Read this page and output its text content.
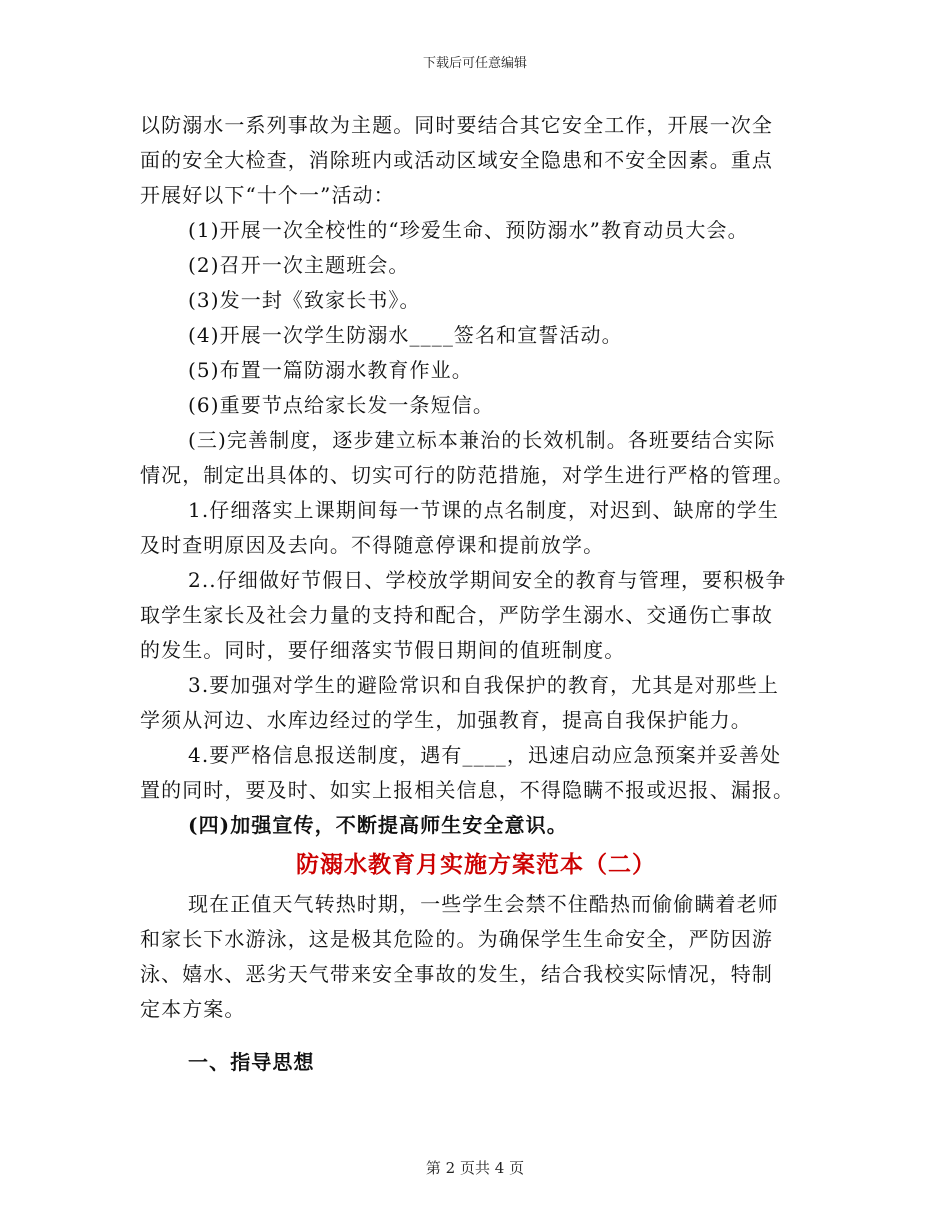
下载后可任意编辑

以防溺水一系列事故为主题。同时要结合其它安全工作，开展一次全

面的安全大检查，消除班内或活动区域安全隐患和不安全因素。重点

开展好以下“十个一”活动：

(1)开展一次全校性的“珍爱生命、预防溺水”教育动员大会。

(2)召开一次主题班会。

(3)发一封《致家长书》。

(4)开展一次学生防溺水____签名和宣誓活动。

(5)布置一篇防溺水教育作业。

(6)重要节点给家长发一条短信。

(三)完善制度，逐步建立标本兼治的长效机制。各班要结合实际

情况，制定出具体的、切实可行的防范措施，对学生进行严格的管理。

1.仔细落实上课期间每一节课的点名制度，对迟到、缺席的学生

及时查明原因及去向。不得随意停课和提前放学。

2..仔细做好节假日、学校放学期间安全的教育与管理，要积极争

取学生家长及社会力量的支持和配合，严防学生溺水、交通伤亡事故

的发生。同时，要仔细落实节假日期间的值班制度。

3.要加强对学生的避险常识和自我保护的教育，尤其是对那些上

学须从河边、水库边经过的学生，加强教育，提高自我保护能力。

4.要严格信息报送制度，遇有____，迅速启动应急预案并妥善处

置的同时，要及时、如实上报相关信息，不得隐瞒不报或迟报、漏报。

(四)加强宣传，不断提高师生安全意识。

防溺水教育月实施方案范本（二）

现在正值天气转热时期，一些学生会禁不住酷热而偷偷瞒着老师

和家长下水游泳，这是极其危险的。为确保学生生命安全，严防因游

泳、嬉水、恶劣天气带来安全事故的发生，结合我校实际情况，特制

定本方案。

一、指导思想

第 2 页共 4 页
